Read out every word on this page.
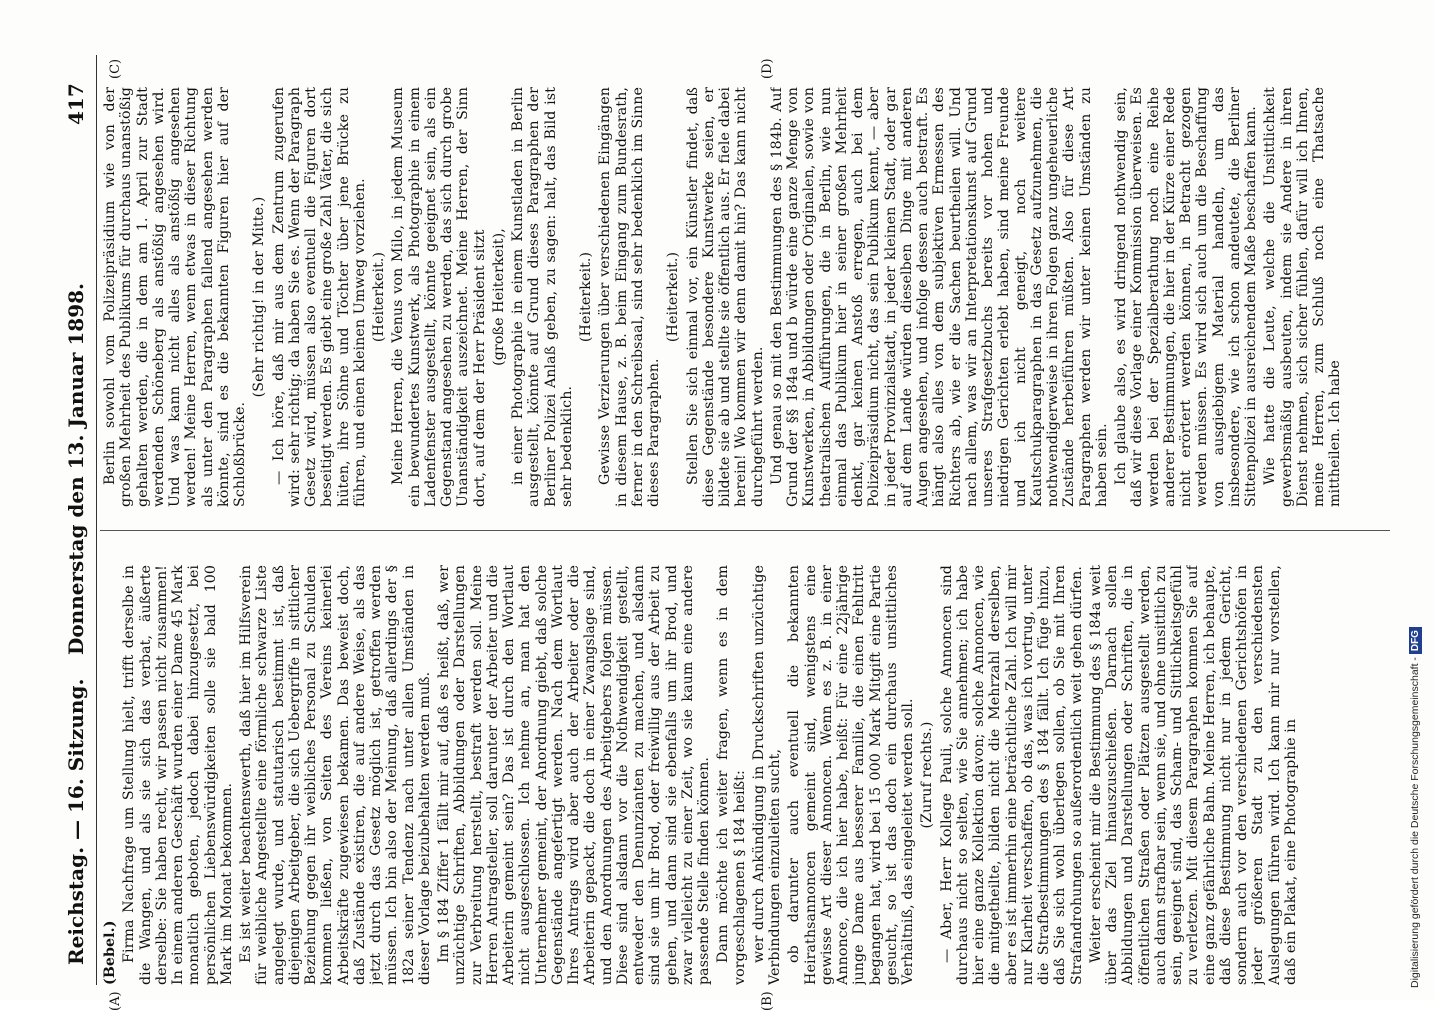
Reichstag. — 16. Sitzung.
Donnerstag den 13. Januar 1898.
417

(Bebel.) Firma Nachfrage um Stellung hielt, trifft derselbe in die Wangen, und als sie sich das verbat, äußerte derselbe: Sie haben recht, wir passen nicht zusammen! In einem anderen Geschäft wurden einer Dame 45 Mark monatlich geboten, jedoch dabei hinzugesetzt, bei persönlichen Liebenswürdigkeiten solle sie bald 100 Mark im Monat bekommen. Es ist weiter beachtenswerth, daß hier im Hilfsverein für weibliche Angestellte eine förmliche schwarze Liste angelegt wurde, und statutarisch bestimmt ist, daß diejenigen Arbeitgeber, die sich Uebergriffe in sittlicher Beziehung gegen ihr weibliches Personal zu Schulden kommen ließen, von Seiten des Vereins keinerlei Arbeitskräfte zugewiesen bekamen. Das beweist doch, daß Zustände existiren, die auf andere Weise, als das jetzt durch das Gesetz möglich ist, getroffen werden müssen. Ich bin also der Meinung, daß allerdings der § 182a seiner Tendenz nach unter allen Umständen in dieser Vorlage beizubehalten werden muß. Im § 184 Ziffer 1 fällt mir auf, daß es heißt, daß, wer unzüchtige Schriften, Abbildungen oder Darstellungen zur Verbreitung herstellt, bestraft werden soll. Meine Herren Antragsteller, soll darunter der Arbeiter und die Arbeiterin gemeint sein? Das ist durch den Wortlaut nicht ausgeschlossen. Ich nehme an, man hat den Unternehmer gemeint, der Anordnung giebt, daß solche Gegenstände angefertigt werden. Nach dem Wortlaut Ihres Antrags wird aber auch der Arbeiter oder die Arbeiterin gepackt, die doch in einer Zwangslage sind, und den Anordnungen des Arbeitgebers folgen müssen. Diese sind alsdann vor die Nothwendigkeit gestellt, entweder den Denunzianten zu machen, und alsdann sind sie um ihr Brod, oder freiwillig aus der Arbeit zu gehen, und dann sind sie ebenfalls um ihr Brod, und zwar vielleicht zu einer Zeit, wo sie kaum eine andere passende Stelle finden können. Dann möchte ich weiter fragen, wenn es in dem vorgeschlagenen § 184 heißt: wer durch Ankündigung in Druckschriften unzüchtige Verbindungen einzuleiten sucht, ob darunter auch eventuell die bekannten Heirathsannoncen gemeint sind, wenigstens eine gewisse Art dieser Annoncen. Wenn es z. B. in einer Annonce, die ich hier habe, heißt: Für eine 22jährige junge Dame aus besserer Familie, die einen Fehltritt begangen hat, wird bei 15 000 Mark Mitgift eine Partie gesucht, so ist das doch ein durchaus unsittliches Verhältniß, das eingeleitet werden soll. (Zuruf rechts.) — Aber, Herr Kollege Pauli, solche Annoncen sind durchaus nicht so selten, wie Sie annehmen; ich habe hier eine ganze Kollektion davon; solche Annoncen, wie die mitgetheilte, bilden nicht die Mehrzahl derselben, aber es ist immerhin eine beträchtliche Zahl. Ich will mir nur Klarheit verschaffen, ob das, was ich vortrug, unter die Strafbestimmungen des § 184 fällt. Ich füge hinzu, daß Sie sich wohl überlegen sollen, ob Sie mit Ihren Strafandrohungen so außerordentlich weit gehen dürfen. Weiter erscheint mir die Bestimmung des § 184a weit über das Ziel hinauszuschießen. Darnach sollen Abbildungen und Darstellungen oder Schriften, die in öffentlichen Straßen oder Plätzen ausgestellt werden, auch dann strafbar sein, wenn sie, und ohne unsittlich zu sein, geeignet sind, das Scham- und Sittlichkeitsgefühl zu verletzen. Mit diesem Paragraphen kommen Sie auf eine ganz gefährliche Bahn. Meine Herren, ich behaupte, daß diese Bestimmung nicht nur in jedem Gericht, sondern auch vor den verschiedenen Gerichtshöfen in jeder größeren Stadt zu den verschiedensten Auslegungen führen wird. Ich kann mir nur vorstellen, daß ein Plakat, eine Photographie in

Berlin sowohl vom Polizeipräsidium wie von der großen Mehrheit des Publikums für durchaus unanstößig gehalten werden, die in dem am 1. April zur Stadt werdenden Schöneberg als anstößig angesehen wird. Und was kann nicht alles als anstößig angesehen werden! Meine Herren, wenn etwas in dieser Richtung als unter den Paragraphen fallend angesehen werden könnte, sind es die bekannten Figuren hier auf der Schloßbrücke.

(Sehr richtig! in der Mitte.) — Ich höre, daß mir aus dem Zentrum zugerufen wird: sehr richtig; da haben Sie es. Wenn der Paragraph Gesetz wird, müssen also eventuell die Figuren dort beseitigt werden. Es giebt eine große Zahl Väter, die sich hüten, ihre Söhne und Töchter über jene Brücke zu führen, und einen kleinen Umweg vorziehen. (Heiterkeit.) Meine Herren, die Venus von Milo, in jedem Museum ein bewundertes Kunstwerk, als Photographie in einem Ladenfenster ausgestellt, könnte geeignet sein, als ein Gegenstand angesehen zu werden, das sich durch grobe Unanständigkeit auszeichnet. Meine Herren, der Sinn dort, auf dem der Herr Präsident sitzt (große Heiterkeit), in einer Photographie in einem Kunstladen in Berlin ausgestellt, könnte auf Grund dieses Paragraphen der Berliner Polizei Anlaß geben, zu sagen: halt, das Bild ist sehr bedenklich.

(Heiterkeit.) Gewisse Verzierungen über verschiedenen Eingängen in diesem Hause, z. B. beim Eingang zum Bundesrath, ferner in den Schreibsaal, sind sehr bedenklich im Sinne dieses Paragraphen.

(Heiterkeit.) Stellen Sie sich einmal vor, ein Künstler findet, daß diese Gegenstände besondere Kunstwerke seien, er bildete sie ab und stellte sie öffentlich aus. Er fiele dabei herein! Wo kommen wir denn damit hin? Das kann nicht durchgeführt werden. Und genau so mit den Bestimmungen des § 184b. Auf Grund der §§ 184a und b würde eine ganze Menge von Kunstwerken, in Abbildungen oder Originalen, sowie von theatralischen Aufführungen, die in Berlin, wie nun einmal das Publikum hier in seiner großen Mehrheit denkt, gar keinen Anstoß erregen, auch bei dem Polizeipräsidium nicht, das sein Publikum kennt, — aber in jeder Provinzialstadt, in jeder kleinen Stadt, oder gar auf dem Lande würden dieselben Dinge mit anderen Augen angesehen, und infolge dessen auch bestraft. Es hängt also alles von dem subjektiven Ermessen des Richters ab, wie er die Sachen beurtheilen will. Und nach allem, was wir an Interpretationskunst auf Grund unseres Strafgesetzbuchs bereits vor hohen und niedrigen Gerichten erlebt haben, sind meine Freunde und ich nicht geneigt, noch weitere Kautschukparagraphen in das Gesetz aufzunehmen, die nothwendigerweise in ihren Folgen ganz ungeheuerliche Zustände herbeiführen müßten. Also für diese Art Paragraphen werden wir unter keinen Umständen zu haben sein. Ich glaube also, es wird dringend nothwendig sein, daß wir diese Vorlage einer Kommission überweisen. Es werden bei der Spezialberathung noch eine Reihe anderer Bestimmungen, die hier in der Kürze einer Rede nicht erörtert werden können, in Betracht gezogen werden müssen. Es wird sich auch um die Beschaffung von ausgiebigem Material handeln, um das insbesondere, wie ich schon andeutete, die Berliner Sittenpolizei in ausreichendem Maße beschaffen kann. Wie hatte die Leute, welche die Unsittlichkeit gewerbsmäßig ausbeuten, indem sie Andere in ihren Dienst nehmen, sich sicher fühlen, dafür will ich Ihnen, meine Herren, zum Schluß noch eine Thatsache mittheilen. Ich habe

(A)	(B)
(C)	(D)
Digitalisierung gefördert durch die Deutsche Forschungsgemeinschaft - DFG
